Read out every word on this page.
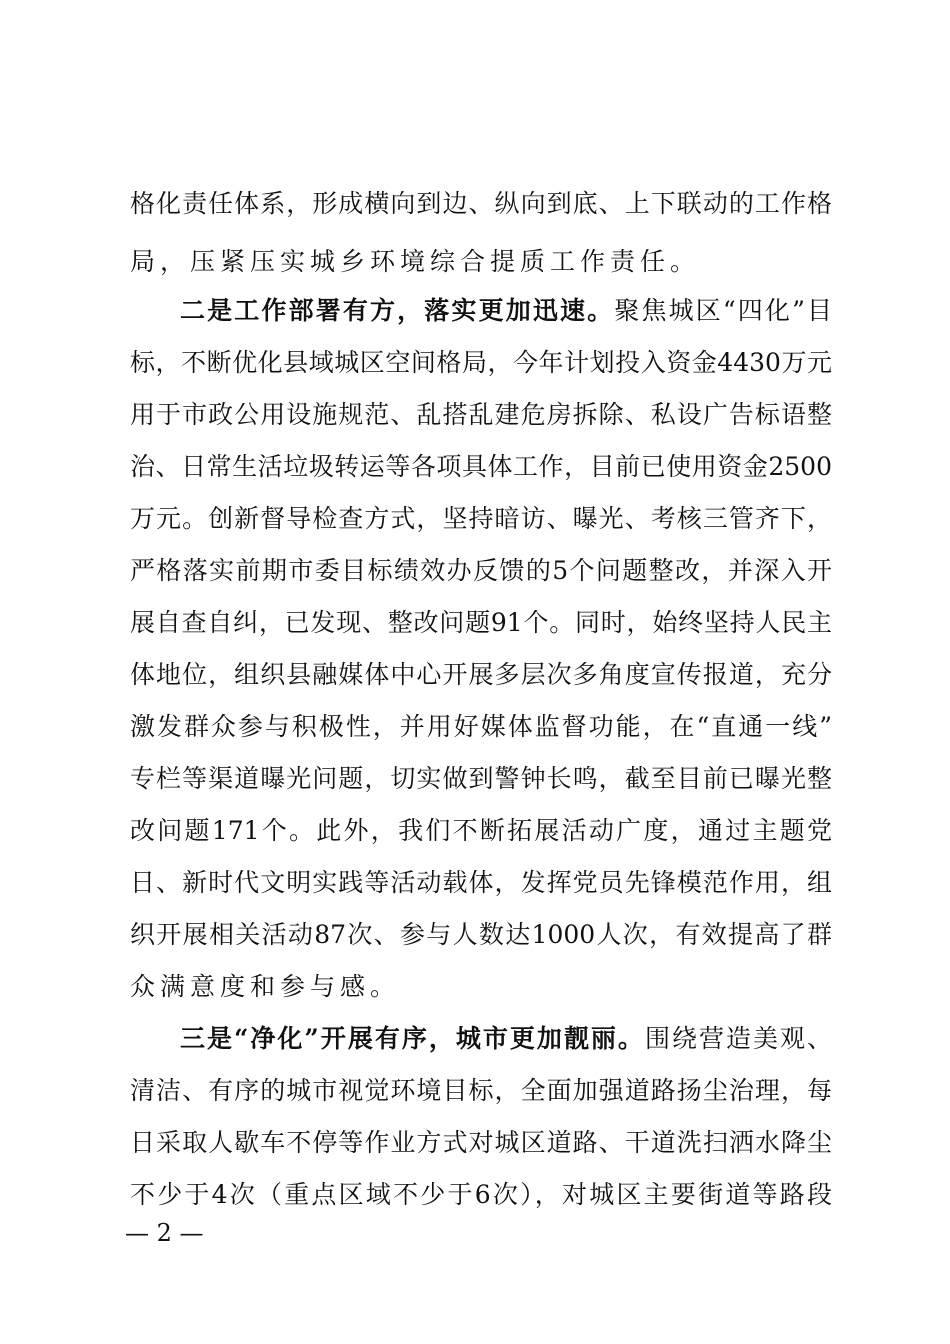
格化责任体系，形成横向到边、纵向到底、上下联动的工作格
局，压紧压实城乡环境综合提质工作责任。
二是工作部署有方，落实更加迅速。聚焦城区“四化”目
标，不断优化县域城区空间格局，今年计划投入资金4430万元
用于市政公用设施规范、乱搭乱建危房拆除、私设广告标语整
治、日常生活垃圾转运等各项具体工作，目前已使用资金2500
万元。创新督导检查方式，坚持暗访、曝光、考核三管齐下，
严格落实前期市委目标绩效办反馈的5个问题整改，并深入开
展自查自纠，已发现、整改问题91个。同时，始终坚持人民主
体地位，组织县融媒体中心开展多层次多角度宣传报道，充分
激发群众参与积极性，并用好媒体监督功能，在“直通一线”
专栏等渠道曝光问题，切实做到警钟长鸣，截至目前已曝光整
改问题171个。此外，我们不断拓展活动广度，通过主题党
日、新时代文明实践等活动载体，发挥党员先锋模范作用，组
织开展相关活动87次、参与人数达1000人次，有效提高了群
众满意度和参与感。
三是“净化”开展有序，城市更加靓丽。围绕营造美观、
清洁、有序的城市视觉环境目标，全面加强道路扬尘治理，每
日采取人歇车不停等作业方式对城区道路、干道洗扫洒水降尘
不少于4次（重点区域不少于6次），对城区主要街道等路段
— 2 —
